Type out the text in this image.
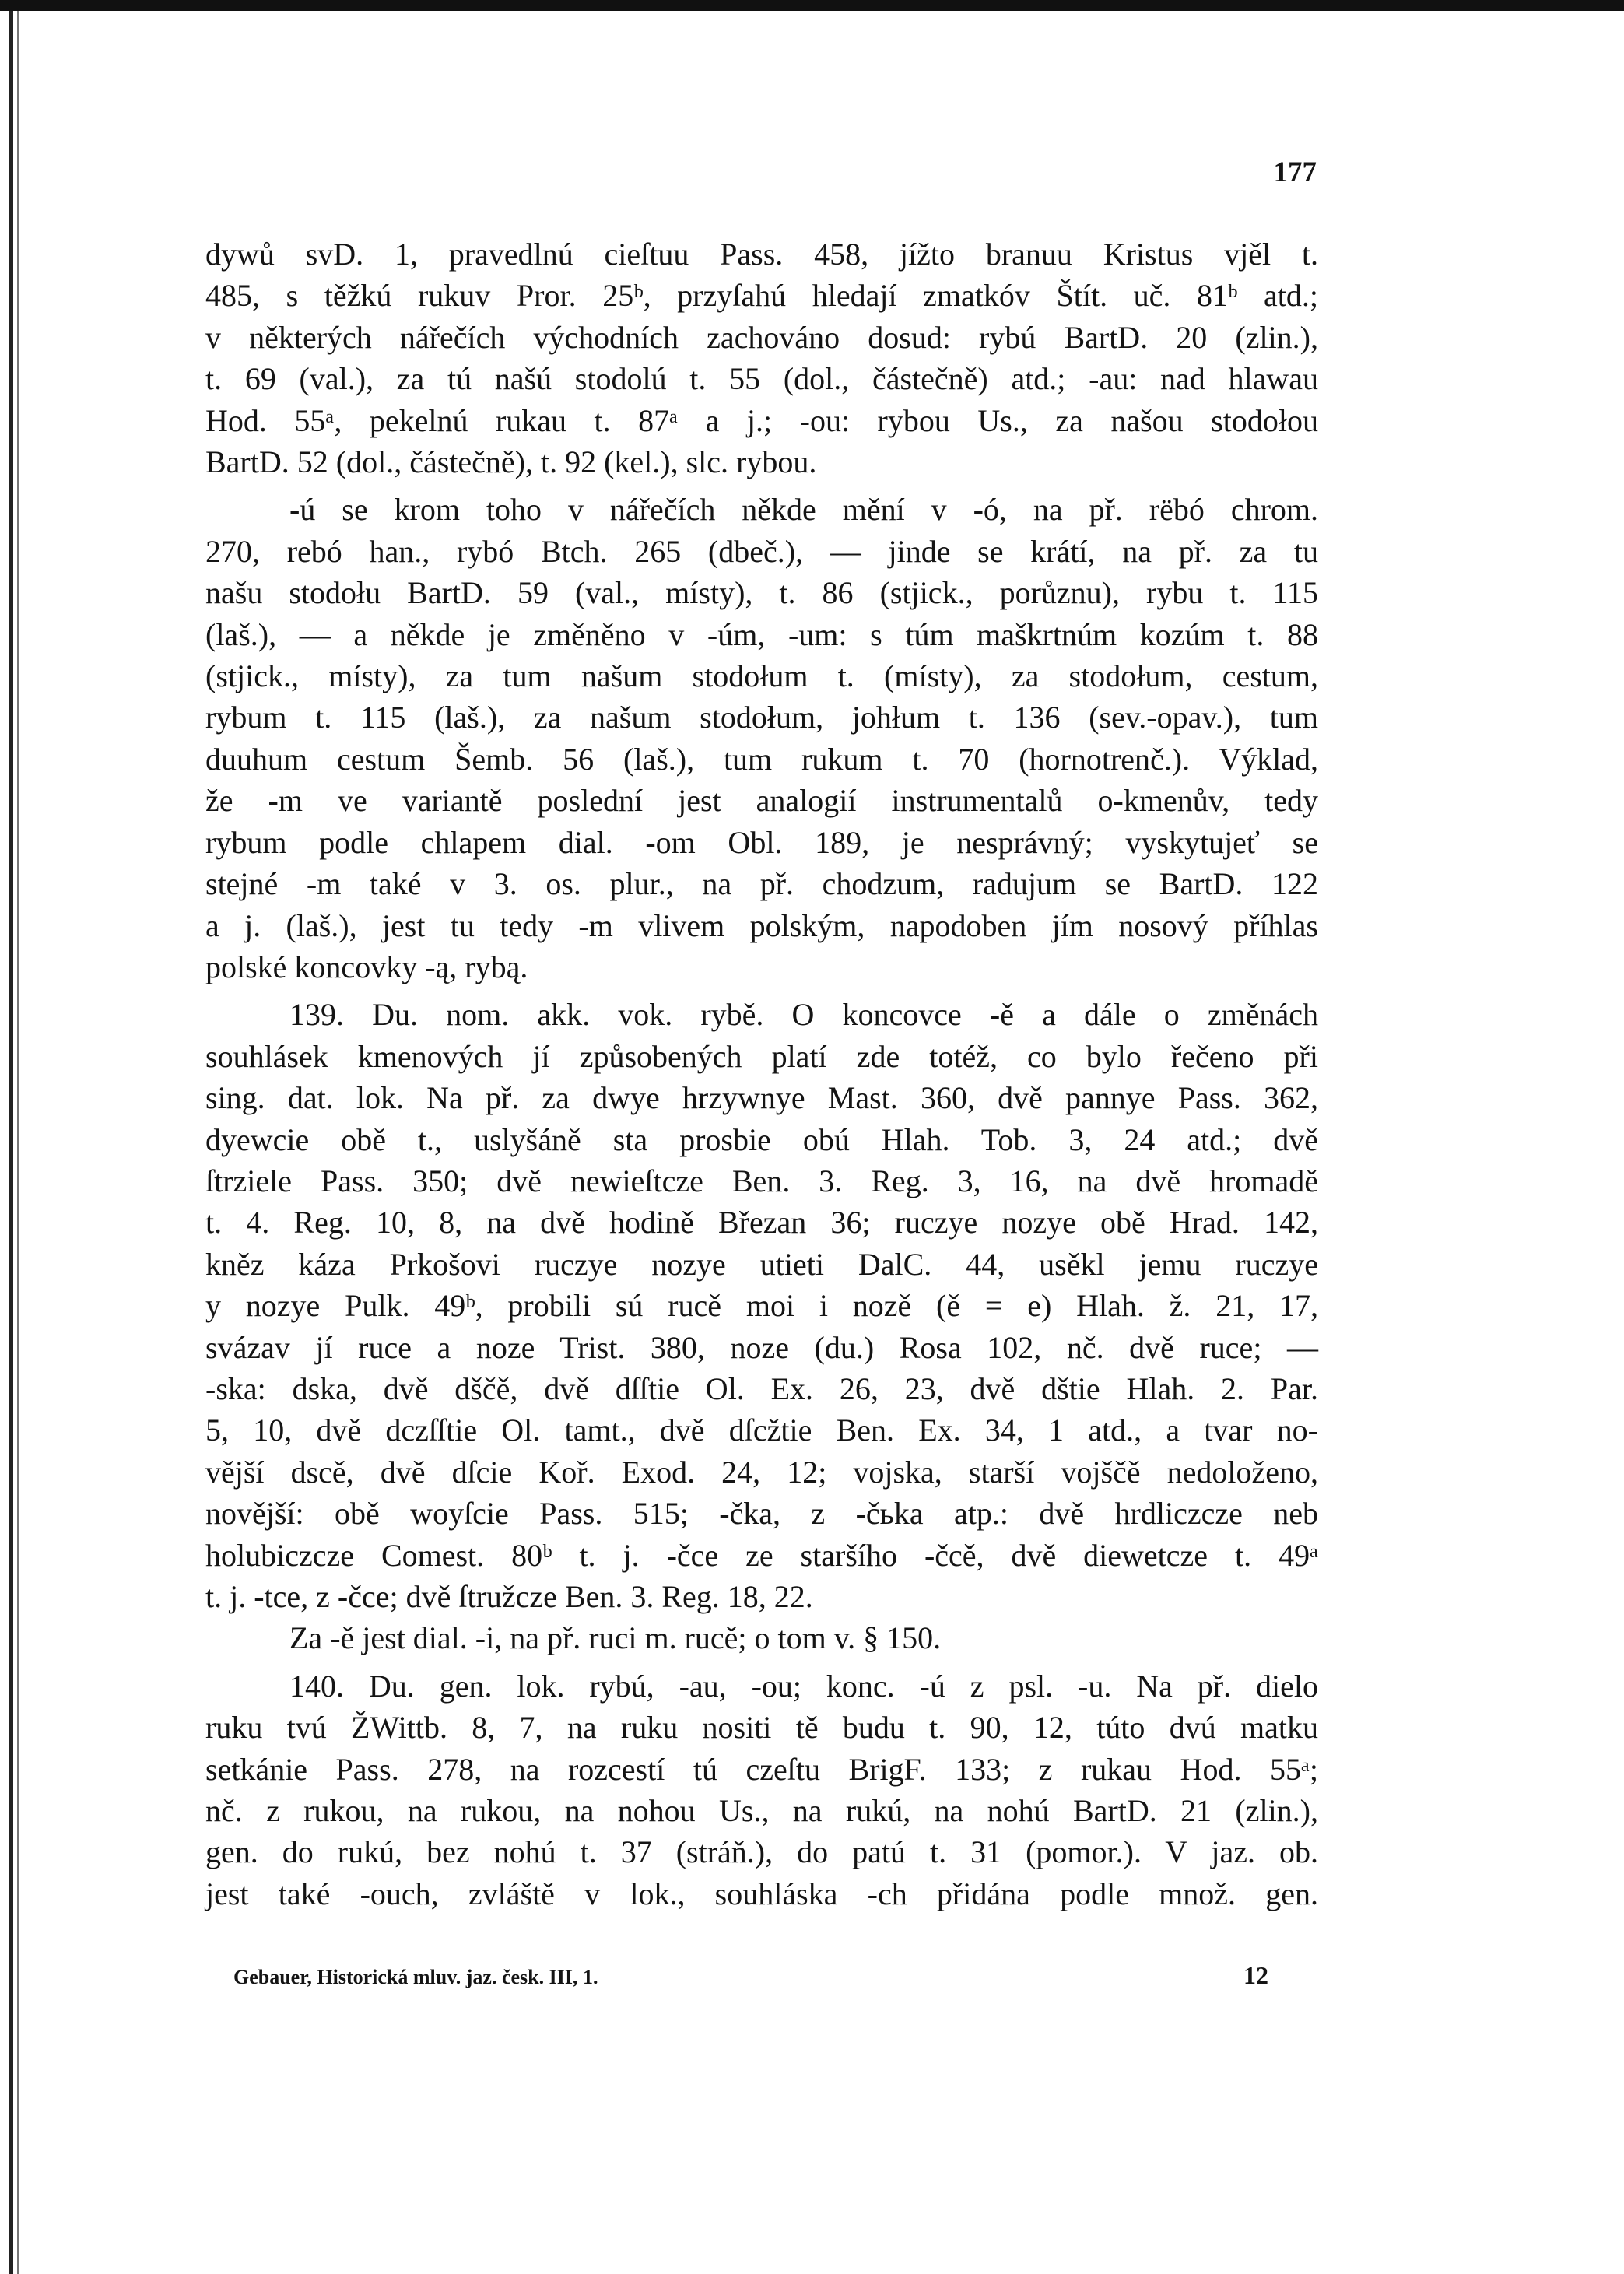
177
dywů svD. 1, pravedlnú cieſtuu Pass. 458, jížto branuu Kristus vjěl t.
485, s těžkú rukuv Pror. 25ᵇ, przyſahú hledají zmatkóv Štít. uč. 81ᵇ atd.;
v některých nářečích východních zachováno dosud: rybú BartD. 20 (zlin.),
t. 69 (val.), za tú našú stodolú t. 55 (dol., částečně) atd.; -au: nad hlawau
Hod. 55ᵃ, pekelnú rukau t. 87ᵃ a j.; -ou: rybou Us., za našou stodołou
BartD. 52 (dol., částečně), t. 92 (kel.), slc. rybou.
-ú se krom toho v nářečích někde mění v -ó, na př. rëbó chrom.
270, rebó han., rybó Btch. 265 (dbeč.), — jinde se krátí, na př. za tu
našu stodołu BartD. 59 (val., místy), t. 86 (stjick., porůznu), rybu t. 115
(laš.), — a někde je změněno v -úm, -um: s túm maškrtnúm kozúm t. 88
(stjick., místy), za tum našum stodołum t. (místy), za stodołum, cestum,
rybum t. 115 (laš.), za našum stodołum, johłum t. 136 (sev.-opav.), tum
duuhum cestum Šemb. 56 (laš.), tum rukum t. 70 (hornotrenč.). Výklad,
že -m ve variantě poslední jest analogií instrumentalů o-kmenův, tedy
rybum podle chlapem dial. -om Obl. 189, je nesprávný; vyskytujeť se
stejné -m také v 3. os. plur., na př. chodzum, radujum se BartD. 122
a j. (laš.), jest tu tedy -m vlivem polským, napodoben jím nosový příhlas
polské koncovky -ą, rybą.
139. Du. nom. akk. vok. rybě. O koncovce -ě a dále o změnách
souhlásek kmenových jí způsobených platí zde totéž, co bylo řečeno při
sing. dat. lok. Na př. za dwye hrzywnye Mast. 360, dvě pannye Pass. 362,
dyewcie obě t., uslyšáně sta prosbie obú Hlah. Tob. 3, 24 atd.; dvě
ſtrziele Pass. 350; dvě newieſtcze Ben. 3. Reg. 3, 16, na dvě hromadě
t. 4. Reg. 10, 8, na dvě hodině Březan 36; ruczye nozye obě Hrad. 142,
kněz káza Prkošovi ruczye nozye utieti DalC. 44, usěkl jemu ruczye
y nozye Pulk. 49ᵇ, probili sú rucě moi i nozě (ě = e) Hlah. ž. 21, 17,
svázav jí ruce a noze Trist. 380, noze (du.) Rosa 102, nč. dvě ruce; —
-ska: dska, dvě dščě, dvě dſſtie Ol. Ex. 26, 23, dvě dštie Hlah. 2. Par.
5, 10, dvě dczſſtie Ol. tamt., dvě dſcžtie Ben. Ex. 34, 1 atd., a tvar no-
vější dscě, dvě dſcie Koř. Exod. 24, 12; vojska, starší vojščě nedoloženo,
novější: obě woyſcie Pass. 515; -čka, z -čьka atp.: dvě hrdliczcze neb
holubiczcze Comest. 80ᵇ t. j. -čce ze staršího -čcě, dvě diewetcze t. 49ᵃ
t. j. -tce, z -čce; dvě ſtružcze Ben. 3. Reg. 18, 22.
Za -ě jest dial. -i, na př. ruci m. rucě; o tom v. § 150.
140. Du. gen. lok. rybú, -au, -ou; konc. -ú z psl. -u. Na př. dielo
ruku tvú ŽWittb. 8, 7, na ruku nositi tě budu t. 90, 12, túto dvú matku
setkánie Pass. 278, na rozcestí tú czeſtu BrigF. 133; z rukau Hod. 55ᵃ;
nč. z rukou, na rukou, na nohou Us., na rukú, na nohú BartD. 21 (zlin.),
gen. do rukú, bez nohú t. 37 (stráň.), do patú t. 31 (pomor.). V jaz. ob.
jest také -ouch, zvláště v lok., souhláska -ch přidána podle množ. gen.
Gebauer, Historická mluv. jaz. česk. III, 1.	12
